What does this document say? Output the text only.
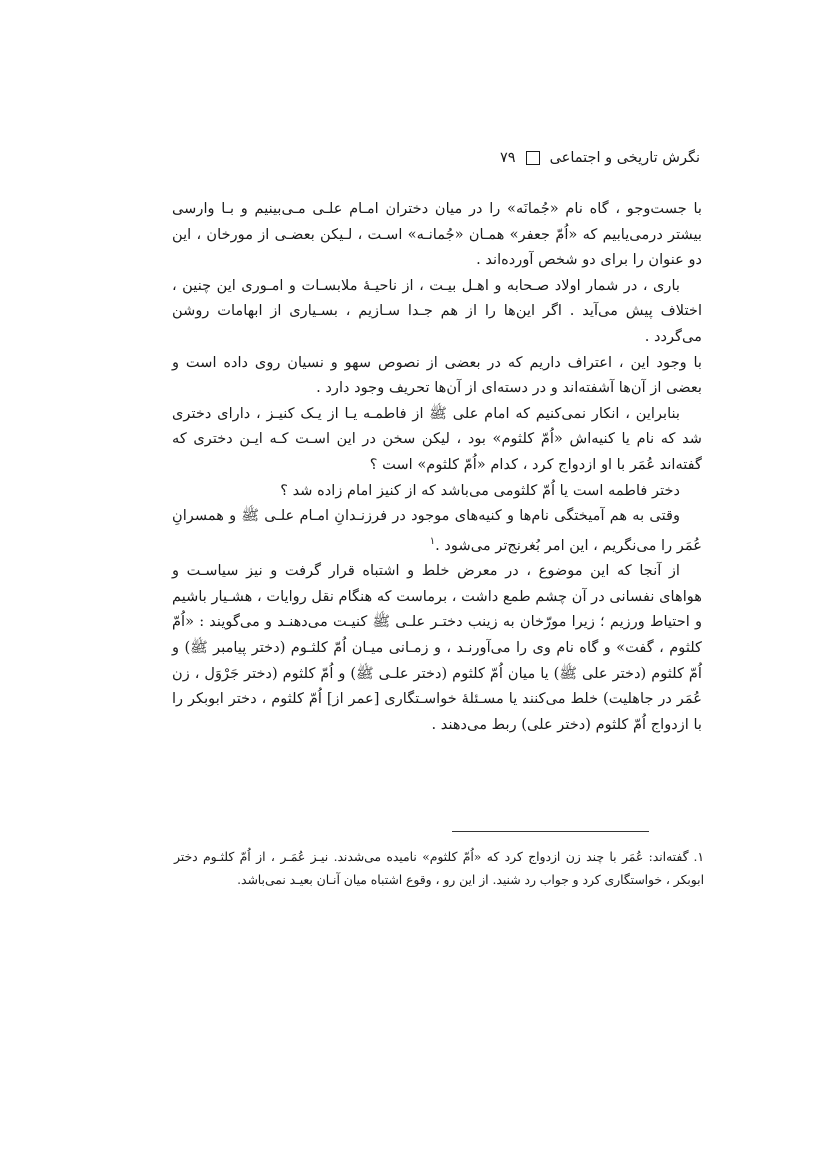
نگرش تاریخی و اجتماعی
۷۹

با جست‌وجو ، گاه نام «جُمانَه» را در میان دختران امـام علـی مـی‌بینیم و بـا وارسی بیشتر درمی‌یابیم که «اُمّ جعفر» همـان «جُمانـه» اسـت ، لـیکن بعضـی از مورخان ، این دو عنوان را برای دو شخص آورده‌اند .

باری ، در شمار اولاد صـحابه و اهـل بیـت ، از ناحیـهٔ ملابسـات و امـوری این چنین ، اختلاف پیش می‌آید . اگر این‌ها را از هم جـدا سـازیم ، بسـیاری از ابهامات روشن می‌گردد .

با وجود این ، اعتراف داریم که در بعضی از نصوص سهو و نسیان روی داده است و بعضی از آن‌ها آشفته‌اند و در دسته‌ای از آن‌ها تحریف وجود دارد .

بنابراین ، انکار نمی‌کنیم که امام علی ﷺ از فاطمـه یـا از یـک کنیـز ، دارای دختری شد که نام یا کنیه‌اش «اُمّ کلثوم» بود ، لیکن سخن در این اسـت کـه ایـن دختری که گفته‌اند عُمَر با او ازدواج کرد ، کدام «اُمّ کلثوم» است ؟

دختر فاطمه است یا اُمّ کلثومی می‌باشد که از کنیز امام زاده شد ؟

وقتی به هم آمیختگی نام‌ها و کنیه‌های موجود در فرزنـدانِ امـام علـی ﷺ و همسرانِ عُمَر را می‌نگریم ، این امر بُغرنج‌تر می‌شود .$^۱$

از آنجا که این موضوع ، در معرض خلط و اشتباه قرار گرفت و نیز سیاسـت و هواهای نفسانی در آن چشم طمع داشت ، برماست که هنگام نقل روایات ، هشـیار باشیم و احتیاط ورزیم ؛ زیرا مورّخان به زینب دختـر علـی ﷺ کنیـت می‌دهنـد و می‌گویند : «اُمّ کلثوم ، گفت» و گاه نام وی را می‌آورنـد ، و زمـانی میـان اُمّ کلثـوم (دختر پیامبر ﷺ) و اُمّ کلثوم (دختر علی ﷺ) یا میان اُمّ کلثوم (دختر علـی ﷺ) و اُمّ کلثوم (دختر جَرْوَل ، زن عُمَر در جاهلیت) خلط می‌کنند یا مسـئلهٔ خواسـتگاری [عمر از] اُمّ کلثوم ، دختر ابوبکر را با ازدواج اُمّ کلثوم (دختر علی) ربط می‌دهند .

۱.گفته‌اند: عُمَر با چند زن ازدواج کرد که «اُمّ کلثوم» نامیده می‌شدند. نیـز عُمَـر ، از اُمّ کلثـوم دختر ابوبکر ، خواستگاری کرد و جواب رد شنید. از این رو ، وقوع اشتباه میان آنـان بعیـد نمی‌باشد.
